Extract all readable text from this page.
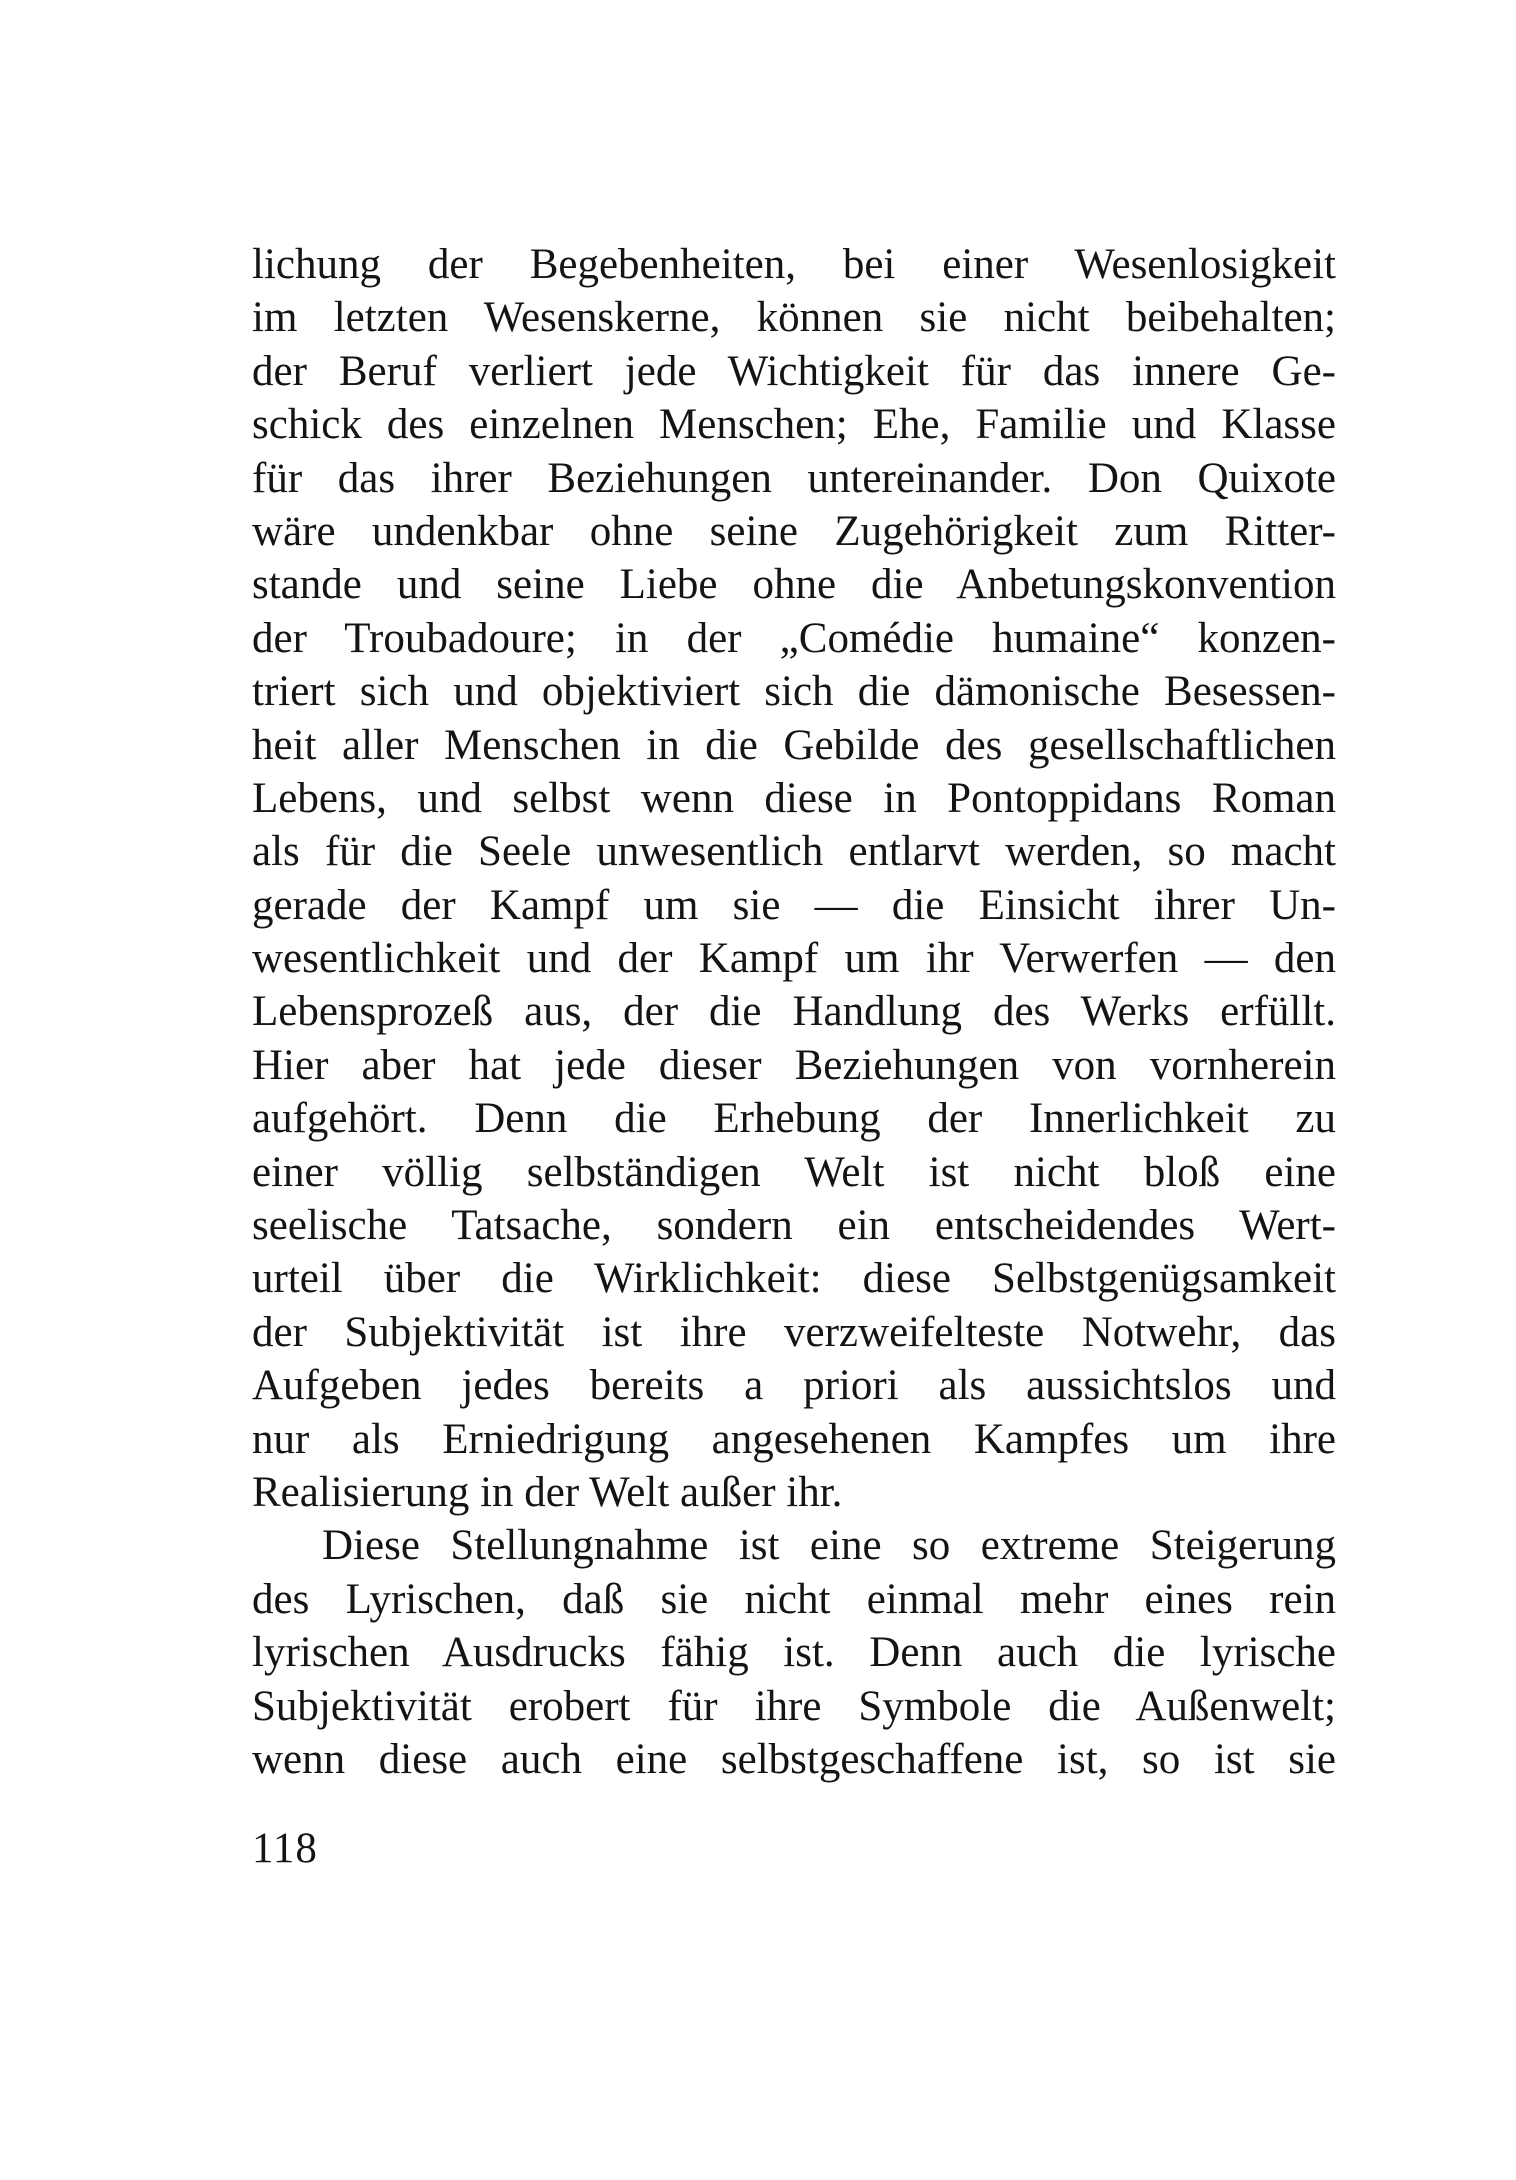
lichung der Begebenheiten, bei einer Wesenlosigkeit
im letzten Wesenskerne, können sie nicht beibehalten;
der Beruf verliert jede Wichtigkeit für das innere Ge-
schick des einzelnen Menschen; Ehe, Familie und Klasse
für das ihrer Beziehungen untereinander. Don Quixote
wäre undenkbar ohne seine Zugehörigkeit zum Ritter-
stande und seine Liebe ohne die Anbetungskonvention
der Troubadoure; in der „Comédie humaine“ konzen-
triert sich und objektiviert sich die dämonische Besessen-
heit aller Menschen in die Gebilde des gesellschaftlichen
Lebens, und selbst wenn diese in Pontoppidans Roman
als für die Seele unwesentlich entlarvt werden, so macht
gerade der Kampf um sie — die Einsicht ihrer Un-
wesentlichkeit und der Kampf um ihr Verwerfen — den
Lebensprozeß aus, der die Handlung des Werks erfüllt.
Hier aber hat jede dieser Beziehungen von vornherein
aufgehört. Denn die Erhebung der Innerlichkeit zu
einer völlig selbständigen Welt ist nicht bloß eine
seelische Tatsache, sondern ein entscheidendes Wert-
urteil über die Wirklichkeit: diese Selbstgenügsamkeit
der Subjektivität ist ihre verzweifelteste Notwehr, das
Aufgeben jedes bereits a priori als aussichtslos und
nur als Erniedrigung angesehenen Kampfes um ihre
Realisierung in der Welt außer ihr.
Diese Stellungnahme ist eine so extreme Steigerung
des Lyrischen, daß sie nicht einmal mehr eines rein
lyrischen Ausdrucks fähig ist. Denn auch die lyrische
Subjektivität erobert für ihre Symbole die Außenwelt;
wenn diese auch eine selbstgeschaffene ist, so ist sie
118
